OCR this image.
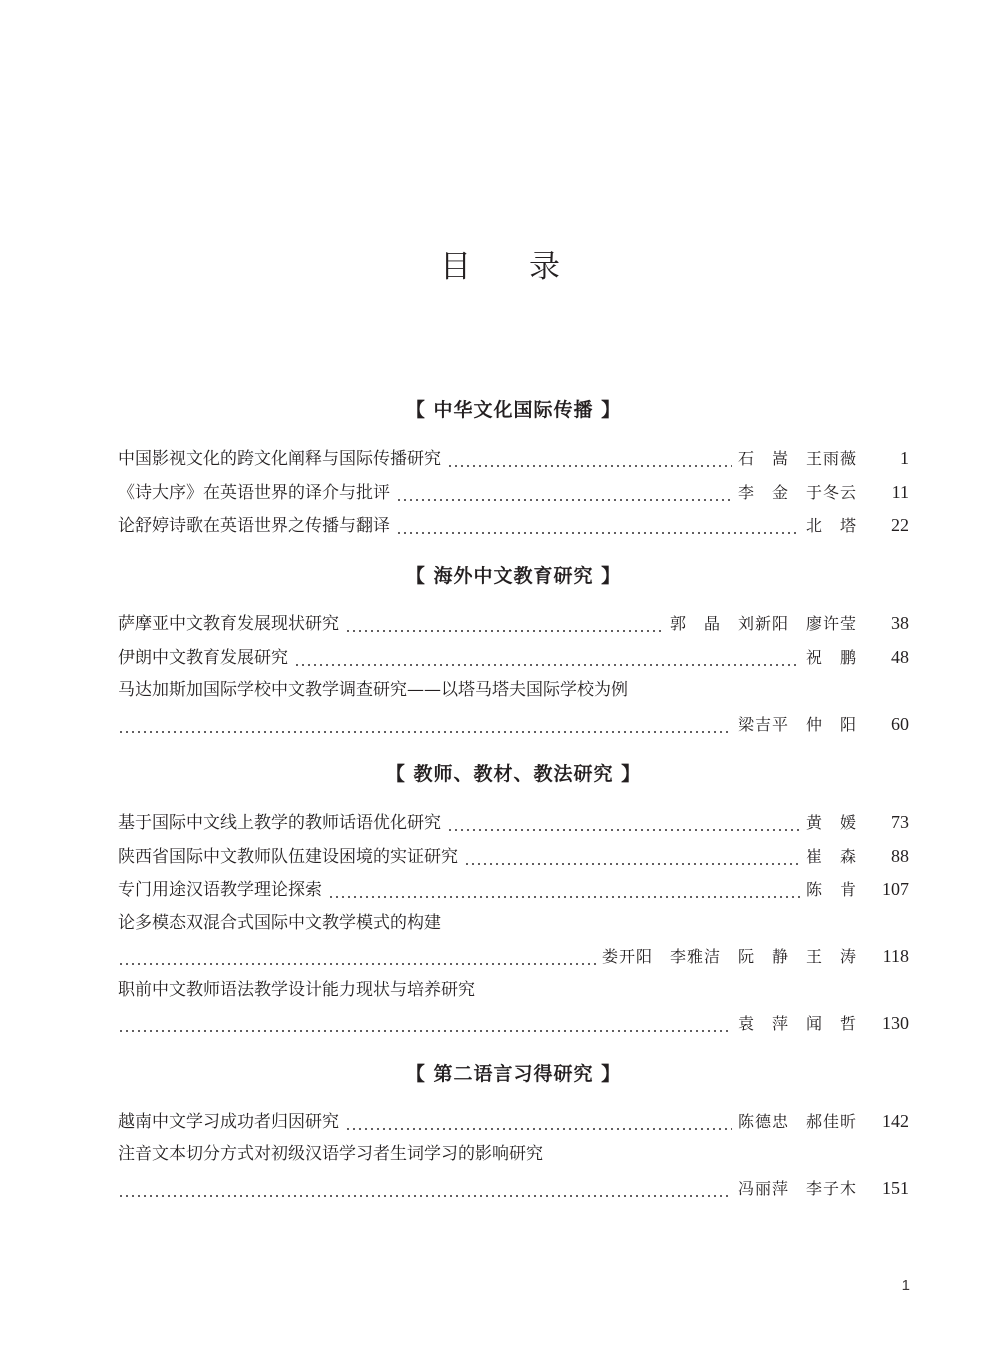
目录
【 中华文化国际传播 】
中国影视文化的跨文化阐释与国际传播研究	石　嵩　王雨薇	1
《诗大序》在英语世界的译介与批评	李　金　于冬云	11
论舒婷诗歌在英语世界之传播与翻译	北　塔	22
【 海外中文教育研究 】
萨摩亚中文教育发展现状研究	郭　晶　刘新阳　廖许莹	38
伊朗中文教育发展研究	祝　鹏	48
马达加斯加国际学校中文教学调查研究——以塔马塔夫国际学校为例
梁吉平　仲　阳	60
【 教师、教材、教法研究 】
基于国际中文线上教学的教师话语优化研究	黄　媛	73
陕西省国际中文教师队伍建设困境的实证研究	崔　森	88
专门用途汉语教学理论探索	陈　肯	107
论多模态双混合式国际中文教学模式的构建
娄开阳　李雅洁　阮　静　王　涛	118
职前中文教师语法教学设计能力现状与培养研究
袁　萍　闻　哲	130
【 第二语言习得研究 】
越南中文学习成功者归因研究	陈德忠　郝佳昕	142
注音文本切分方式对初级汉语学习者生词学习的影响研究
冯丽萍　李子木	151
1
